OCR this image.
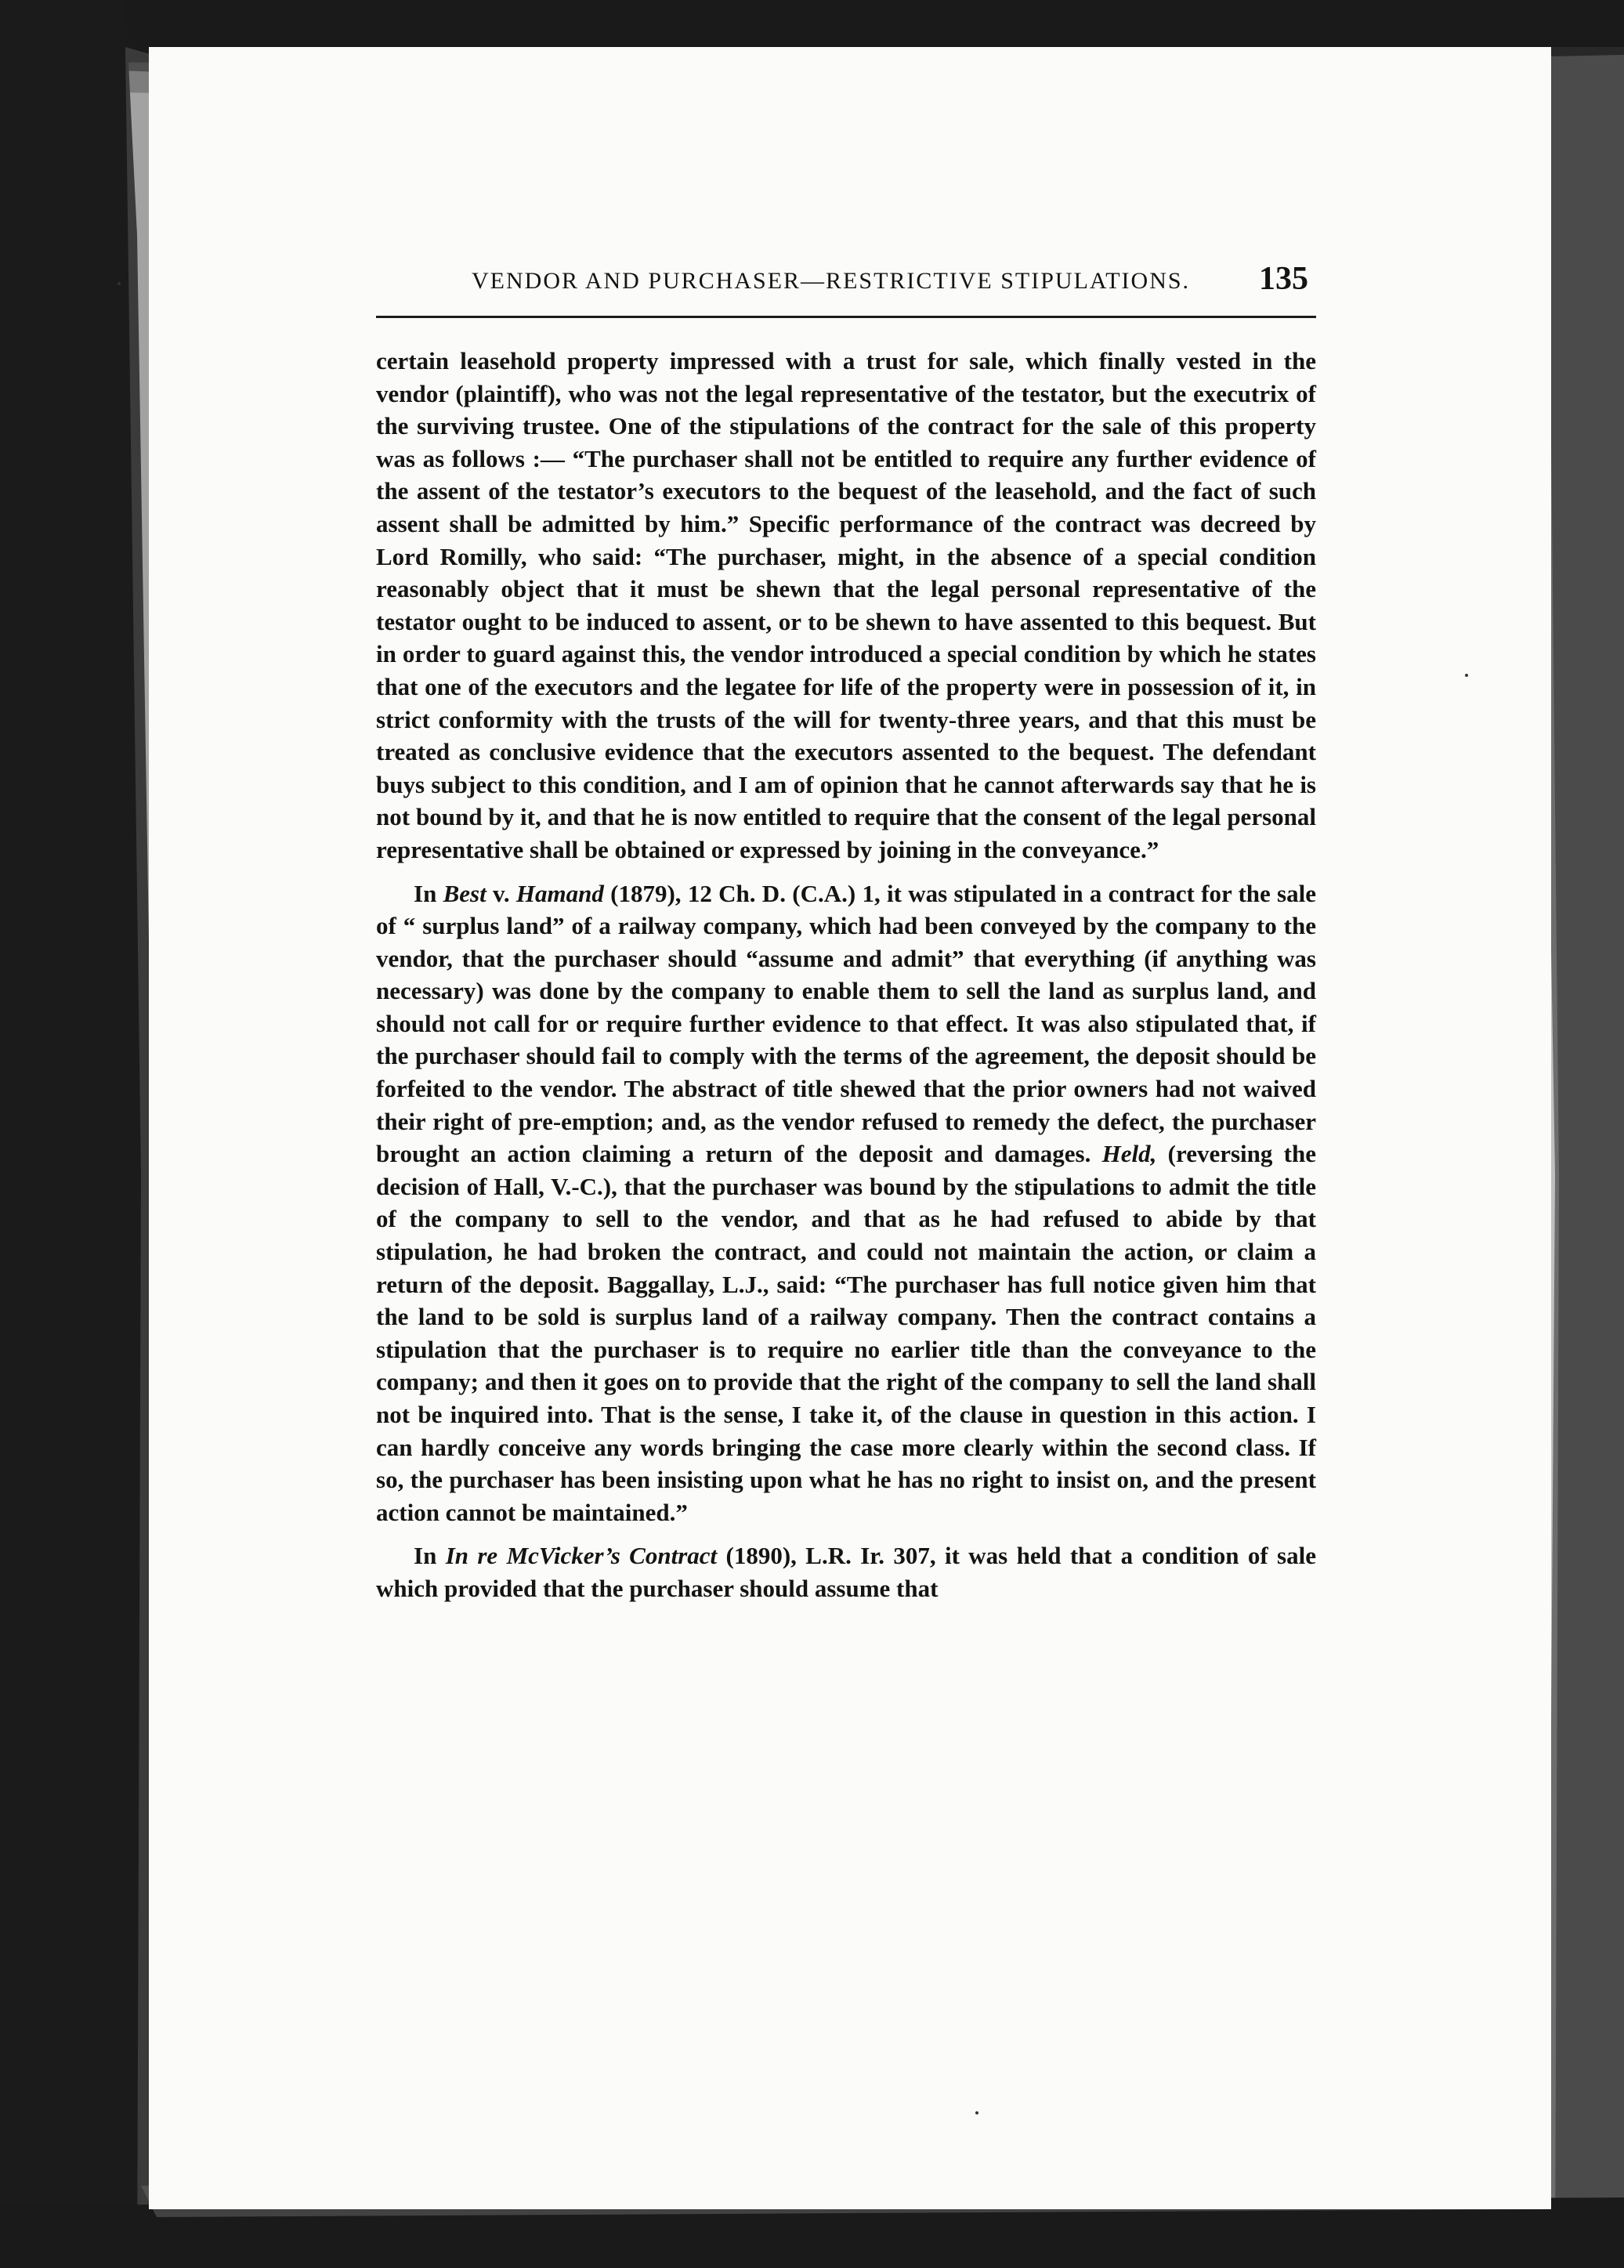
VENDOR AND PURCHASER—RESTRICTIVE STIPULATIONS. 135

certain leasehold property impressed with a trust for sale, which finally vested in the vendor (plaintiff), who was not the legal representative of the testator, but the executrix of the surviving trustee. One of the stipulations of the contract for the sale of this property was as follows :— “The purchaser shall not be entitled to require any further evidence of the assent of the testator’s executors to the bequest of the leasehold, and the fact of such assent shall be admitted by him.” Specific performance of the contract was decreed by Lord Romilly, who said: “The purchaser, might, in the absence of a special condition reasonably object that it must be shewn that the legal personal representative of the testator ought to be induced to assent, or to be shewn to have assented to this bequest. But in order to guard against this, the vendor introduced a special condition by which he states that one of the executors and the legatee for life of the property were in possession of it, in strict conformity with the trusts of the will for twenty-three years, and that this must be treated as conclusive evidence that the executors assented to the bequest. The defendant buys subject to this condition, and I am of opinion that he cannot afterwards say that he is not bound by it, and that he is now entitled to require that the consent of the legal personal representative shall be obtained or expressed by joining in the conveyance.”

In Best v. Hamand (1879), 12 Ch. D. (C.A.) 1, it was stipulated in a contract for the sale of “ surplus land” of a railway company, which had been conveyed by the company to the vendor, that the purchaser should “assume and admit” that everything (if anything was necessary) was done by the company to enable them to sell the land as surplus land, and should not call for or require further evidence to that effect. It was also stipulated that, if the purchaser should fail to comply with the terms of the agreement, the deposit should be forfeited to the vendor. The abstract of title shewed that the prior owners had not waived their right of pre-emption; and, as the vendor refused to remedy the defect, the purchaser brought an action claiming a return of the deposit and damages. Held, (reversing the decision of Hall, V.-C.), that the purchaser was bound by the stipulations to admit the title of the company to sell to the vendor, and that as he had refused to abide by that stipulation, he had broken the contract, and could not maintain the action, or claim a return of the deposit. Baggallay, L.J., said: “The purchaser has full notice given him that the land to be sold is surplus land of a railway company. Then the contract contains a stipulation that the purchaser is to require no earlier title than the conveyance to the company; and then it goes on to provide that the right of the company to sell the land shall not be inquired into. That is the sense, I take it, of the clause in question in this action. I can hardly conceive any words bringing the case more clearly within the second class. If so, the purchaser has been insisting upon what he has no right to insist on, and the present action cannot be maintained.”

In In re McVicker’s Contract (1890), L.R. Ir. 307, it was held that a condition of sale which provided that the purchaser should assume that
